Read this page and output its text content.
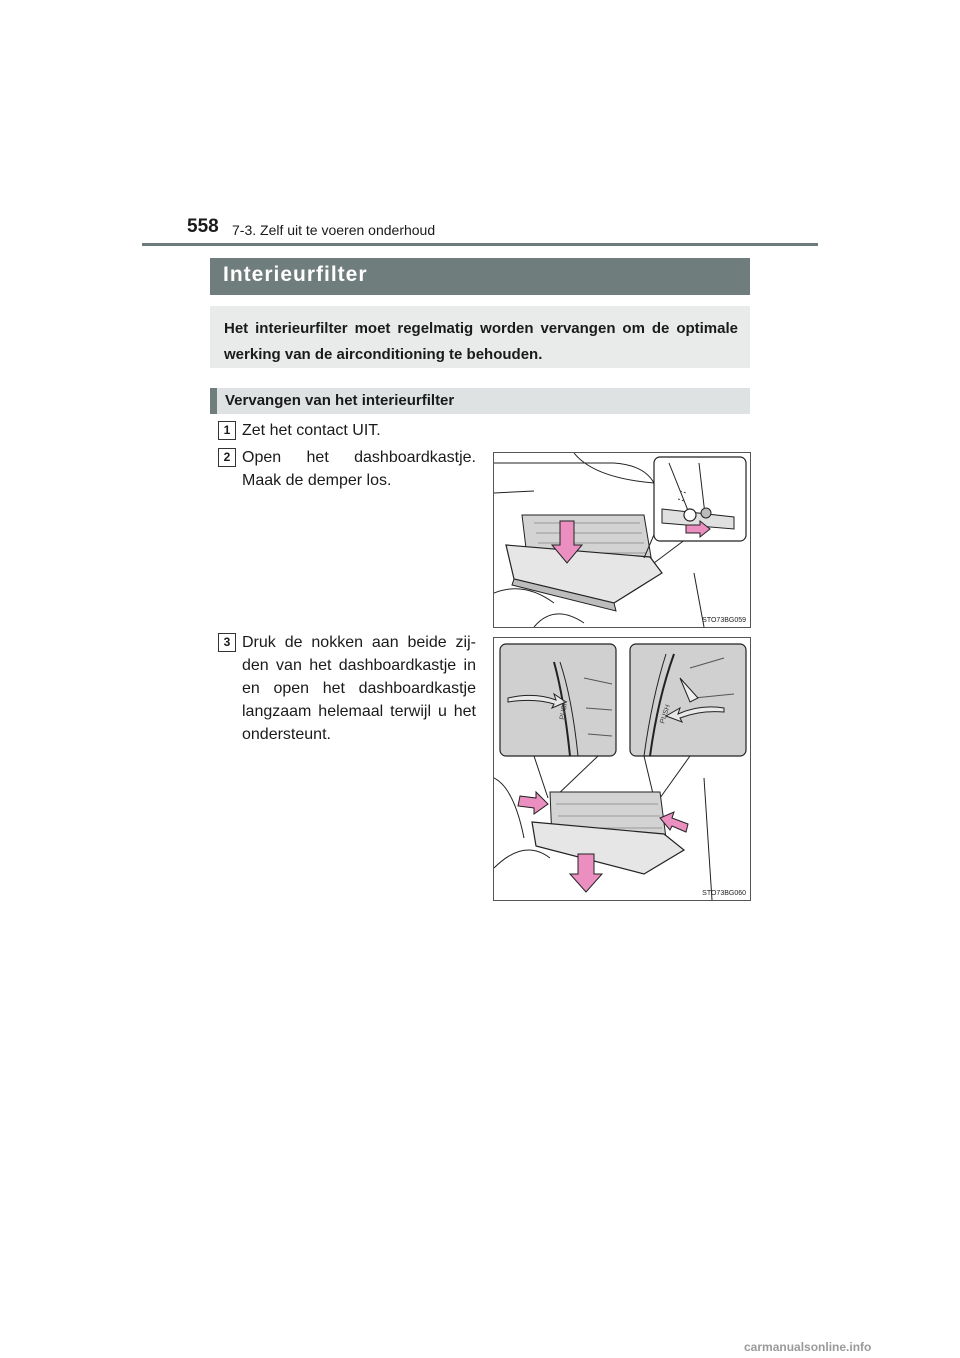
558 7-3. Zelf uit te voeren onderhoud
Interieurfilter
Het interieurfilter moet regelmatig worden vervangen om de optimale werking van de airconditioning te behouden.
Vervangen van het interieurfilter
1 Zet het contact UIT.
2 Open het dashboardkastje. Maak de demper los.
3 Druk de nokken aan beide zij-den van het dashboardkastje in en open het dashboardkastje langzaam helemaal terwijl u het ondersteunt.
STO73BG059
PUSH	PUSH
STO73BG060
carmanualsonline.info
